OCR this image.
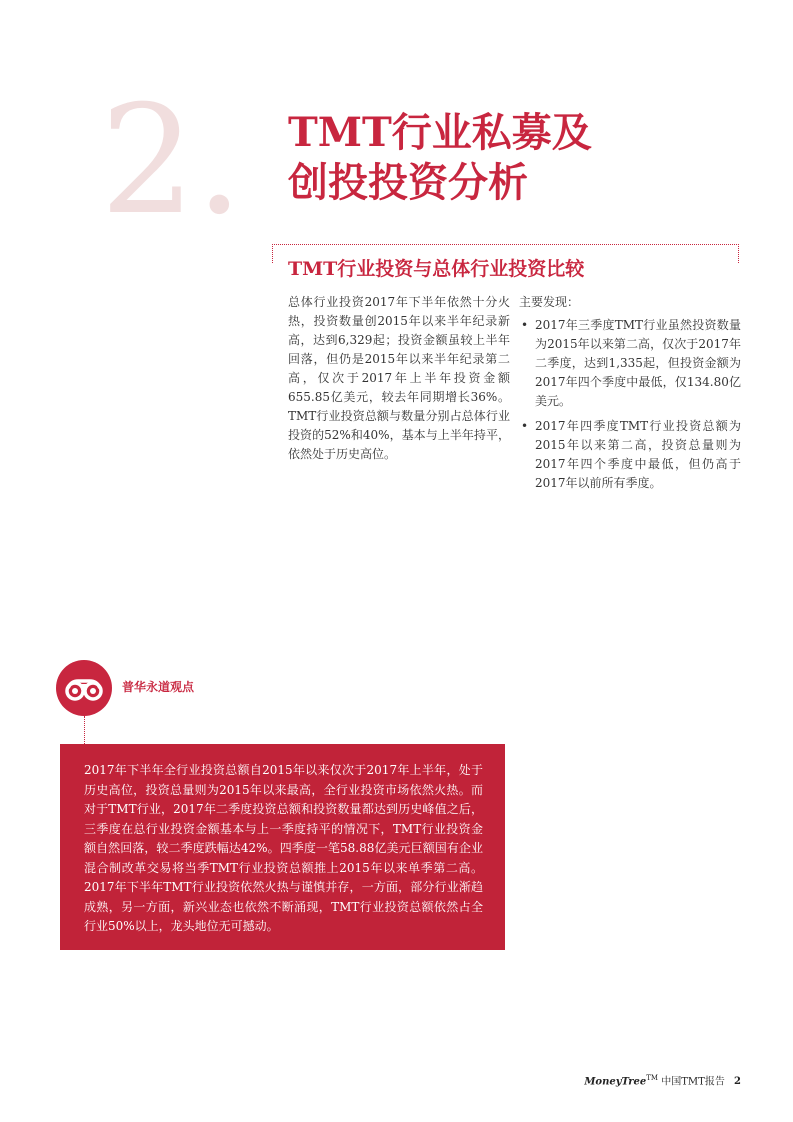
2. TMT行业私募及
创投投资分析
TMT行业投资与总体行业投资比较

总体行业投资2017年下半年依然十分火热，投资数量创2015年以来半年纪录新高，达到6,329起；投资金额虽较上半年回落，但仍是2015年以来半年纪录第二高，仅次于2017年上半年投资金额655.85亿美元，较去年同期增长36%。TMT行业投资总额与数量分别占总体行业投资的52%和40%，基本与上半年持平，依然处于历史高位。

主要发现：

• 2017年三季度TMT行业虽然投资数量为2015年以来第二高，仅次于2017年二季度，达到1,335起，但投资金额为2017年四个季度中最低，仅134.80亿美元。
• 2017年四季度TMT行业投资总额为2015年以来第二高，投资总量则为2017年四个季度中最低，但仍高于2017年以前所有季度。

普华永道观点

2017年下半年全行业投资总额自2015年以来仅次于2017年上半年，处于历史高位，投资总量则为2015年以来最高，全行业投资市场依然火热。而对于TMT行业，2017年二季度投资总额和投资数量都达到历史峰值之后，三季度在总行业投资金额基本与上一季度持平的情况下，TMT行业投资金额自然回落，较二季度跌幅达42%。四季度一笔58.88亿美元巨额国有企业混合制改革交易将当季TMT行业投资总额推上2015年以来单季第二高。2017年下半年TMT行业投资依然火热与谨慎并存，一方面，部分行业渐趋成熟，另一方面，新兴业态也依然不断涌现，TMT行业投资总额依然占全行业50%以上，龙头地位无可撼动。

MoneyTree™ 中国TMT报告 2
